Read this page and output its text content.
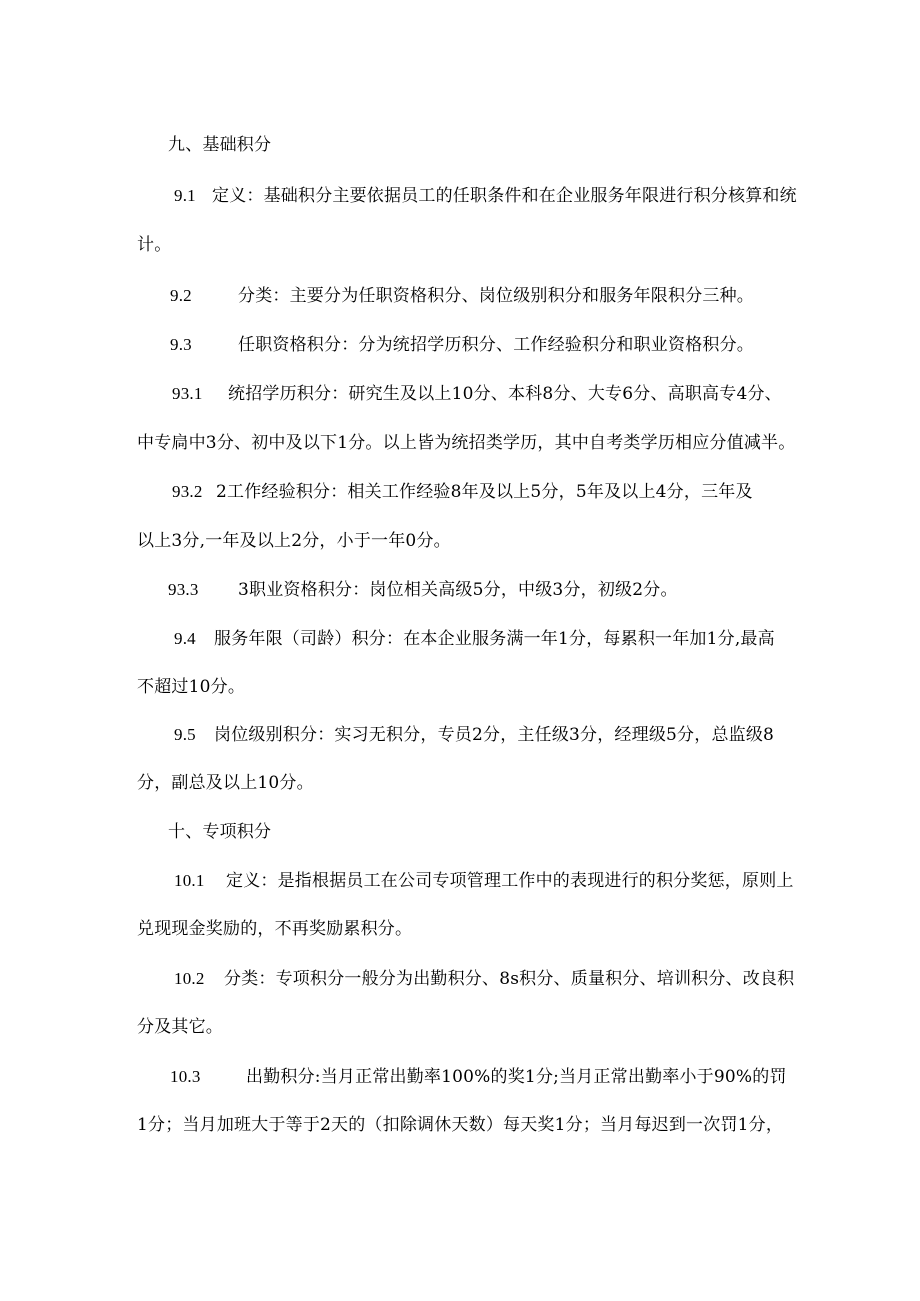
九、基础积分
9.1 定义：基础积分主要依据员工的任职条件和在企业服务年限进行积分核算和统
计。
9.2	分类：主要分为任职资格积分、岗位级别积分和服务年限积分三种。
9.3	任职资格积分：分为统招学历积分、工作经验积分和职业资格积分。
93.1 统招学历积分：研究生及以上10分、本科8分、大专6分、高职高专4分、
中专扃中3分、初中及以下1分。以上皆为统招类学历，其中自考类学历相应分值减半。
93.2 2工作经验积分：相关工作经验8年及以上5分，5年及以上4分，三年及
以上3分,一年及以上2分，小于一年0分。
93.3 3职业资格积分：岗位相关高级5分，中级3分，初级2分。
9.4 服务年限（司龄）积分：在本企业服务满一年1分，每累积一年加1分,最高
不超过10分。
9.5 岗位级别积分：实习无积分，专员2分，主任级3分，经理级5分，总监级8
分，副总及以上10分。
十、专项积分
10.1 定义：是指根据员工在公司专项管理工作中的表现进行的积分奖惩，原则上
兑现现金奖励的，不再奖励累积分。
10.2 分类：专项积分一般分为出勤积分、8s积分、质量积分、培训积分、改良积
分及其它。
10.3	出勤积分:当月正常出勤率100%的奖1分;当月正常出勤率小于90%的罚
1分；当月加班大于等于2天的（扣除调休天数）每天奖1分；当月每迟到一次罚1分，
